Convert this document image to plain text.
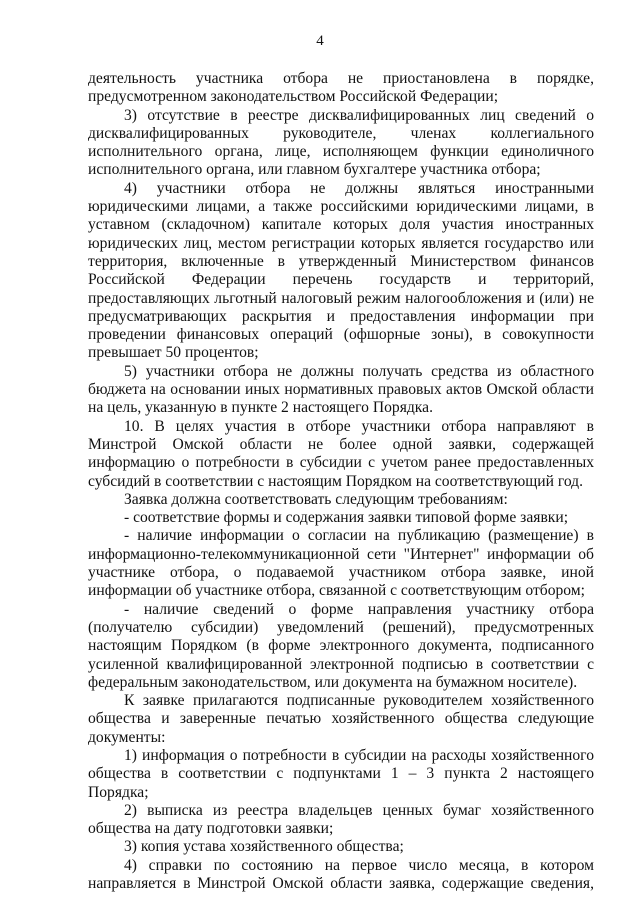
4

деятельность участника отбора не приостановлена в порядке, предусмотренном законодательством Российской Федерации;

3) отсутствие в реестре дисквалифицированных лиц сведений о дисквалифицированных руководителе, членах коллегиального исполнительного органа, лице, исполняющем функции единоличного исполнительного органа, или главном бухгалтере участника отбора;

4) участники отбора не должны являться иностранными юридическими лицами, а также российскими юридическими лицами, в уставном (складочном) капитале которых доля участия иностранных юридических лиц, местом регистрации которых является государство или территория, включенные в утвержденный Министерством финансов Российской Федерации перечень государств и территорий, предоставляющих льготный налоговый режим налогообложения и (или) не предусматривающих раскрытия и предоставления информации при проведении финансовых операций (офшорные зоны), в совокупности превышает 50 процентов;

5) участники отбора не должны получать средства из областного бюджета на основании иных нормативных правовых актов Омской области на цель, указанную в пункте 2 настоящего Порядка.

10. В целях участия в отборе участники отбора направляют в Минстрой Омской области не более одной заявки, содержащей информацию о потребности в субсидии с учетом ранее предоставленных субсидий в соответствии с настоящим Порядком на соответствующий год.

Заявка должна соответствовать следующим требованиям:

- соответствие формы и содержания заявки типовой форме заявки;

- наличие информации о согласии на публикацию (размещение) в информационно-телекоммуникационной сети "Интернет" информации об участнике отбора, о подаваемой участником отбора заявке, иной информации об участнике отбора, связанной с соответствующим отбором;

- наличие сведений о форме направления участнику отбора (получателю субсидии) уведомлений (решений), предусмотренных настоящим Порядком (в форме электронного документа, подписанного усиленной квалифицированной электронной подписью в соответствии с федеральным законодательством, или документа на бумажном носителе).

К заявке прилагаются подписанные руководителем хозяйственного общества и заверенные печатью хозяйственного общества следующие документы:

1) информация о потребности в субсидии на расходы хозяйственного общества в соответствии с подпунктами 1 – 3 пункта 2 настоящего Порядка;

2) выписка из реестра владельцев ценных бумаг хозяйственного общества на дату подготовки заявки;

3) копия устава хозяйственного общества;

4) справки по состоянию на первое число месяца, в котором направляется в Минстрой Омской области заявка, содержащие сведения,
